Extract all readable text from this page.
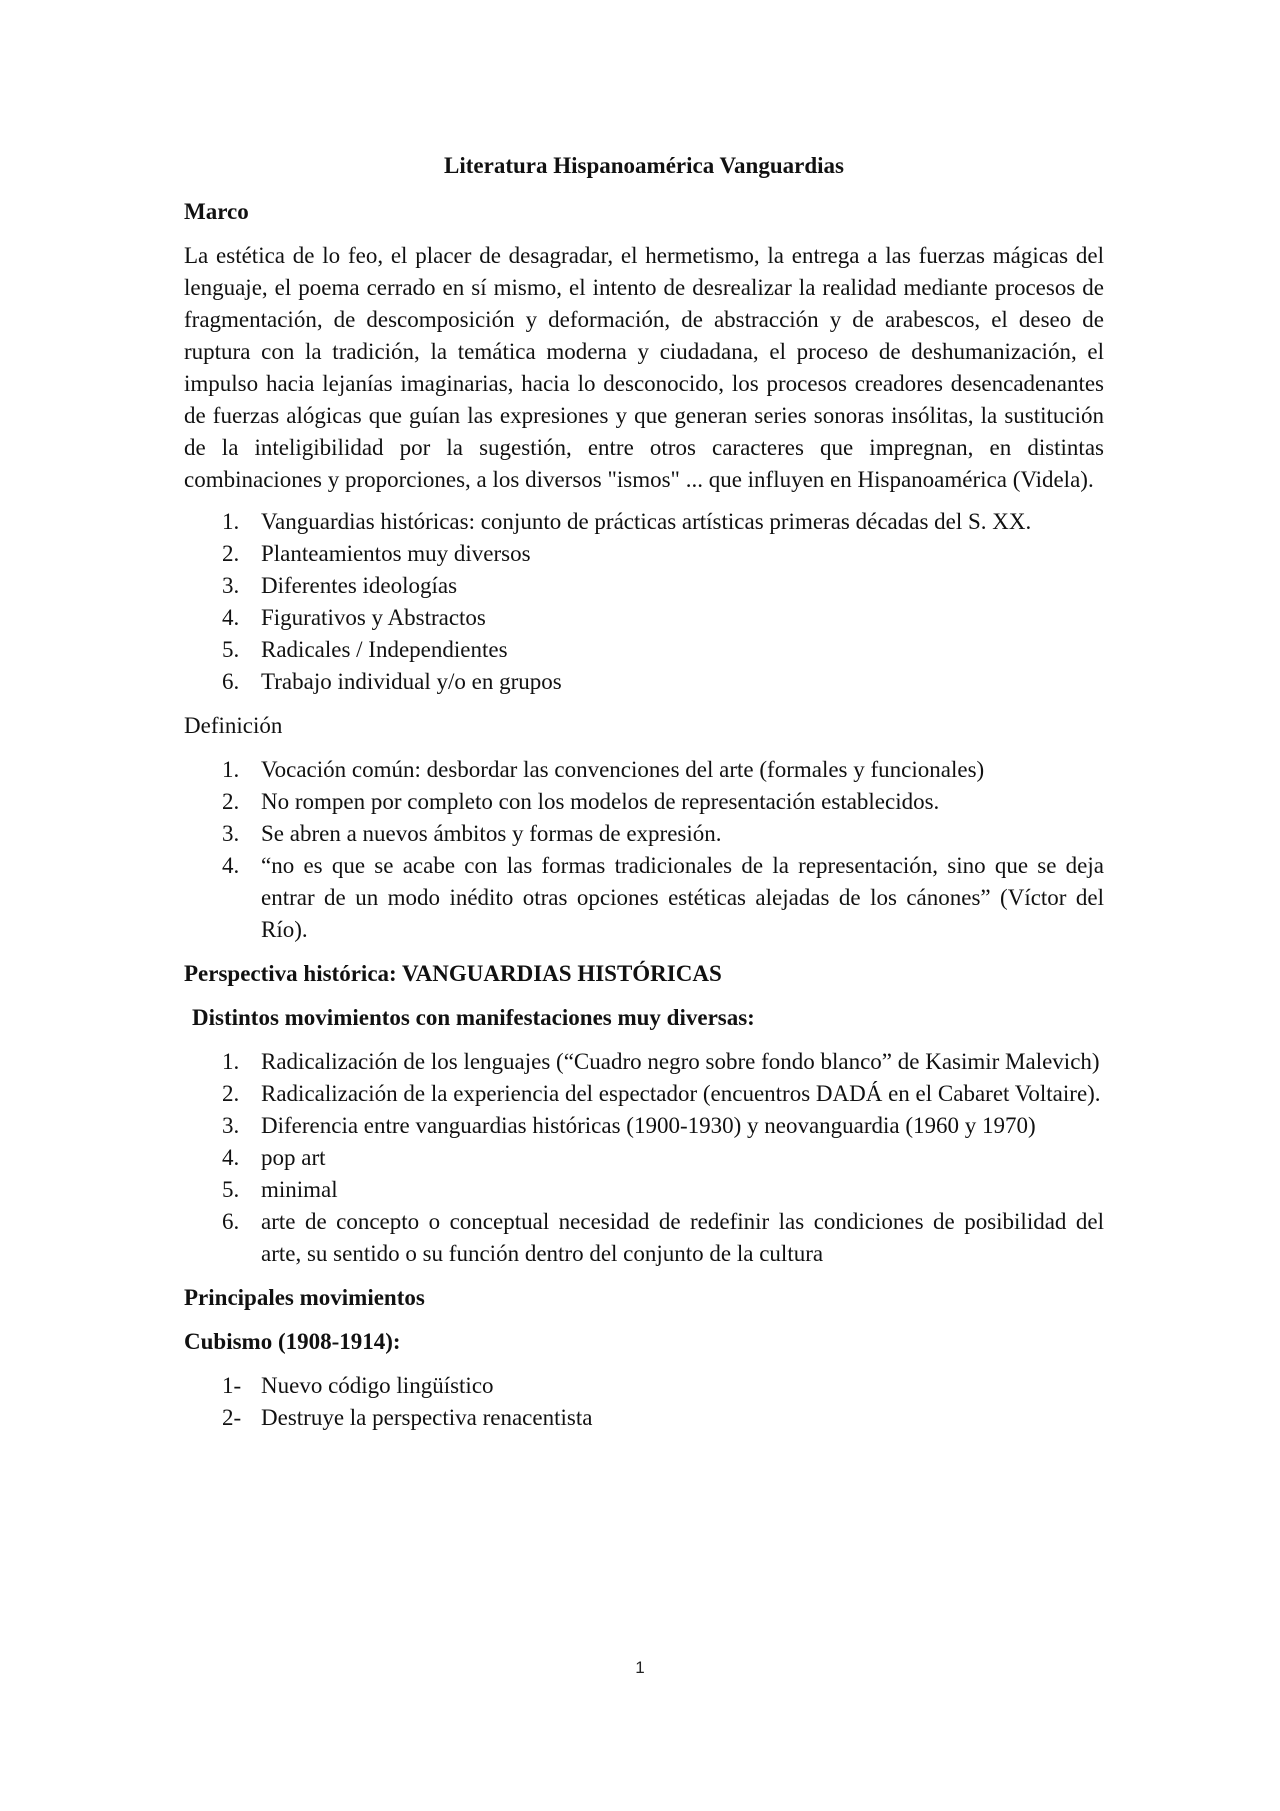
Literatura Hispanoamérica Vanguardias
Marco

La estética de lo feo, el placer de desagradar, el hermetismo, la entrega a las fuerzas mágicas del lenguaje, el poema cerrado en sí mismo, el intento de desrealizar la realidad mediante procesos de fragmentación, de descomposición y deformación, de abstracción y de arabescos, el deseo de ruptura con la tradición, la temática moderna y ciudadana, el proceso de deshumanización, el impulso hacia lejanías imaginarias, hacia lo desconocido, los procesos creadores desencadenantes de fuerzas alógicas que guían las expresiones y que generan series sonoras insólitas, la sustitución de la inteligibilidad por la sugestión, entre otros caracteres que impregnan, en distintas combinaciones y proporciones, a los diversos "ismos" ... que influyen en Hispanoamérica (Videla).

1. Vanguardias históricas: conjunto de prácticas artísticas primeras décadas del S. XX.
2. Planteamientos muy diversos
3. Diferentes ideologías
4. Figurativos y Abstractos
5. Radicales / Independientes
6. Trabajo individual y/o en grupos
Definición
1. Vocación común: desbordar las convenciones del arte (formales y funcionales)
2. No rompen por completo con los modelos de representación establecidos.
3. Se abren a nuevos ámbitos y formas de expresión.
4. “no es que se acabe con las formas tradicionales de la representación, sino que se deja entrar de un modo inédito otras opciones estéticas alejadas de los cánones” (Víctor del Río).
Perspectiva histórica: VANGUARDIAS HISTÓRICAS
Distintos movimientos con manifestaciones muy diversas:
1. Radicalización de los lenguajes (“Cuadro negro sobre fondo blanco” de Kasimir Malevich)
2. Radicalización de la experiencia del espectador (encuentros DADÁ en el Cabaret Voltaire).
3. Diferencia entre vanguardias históricas (1900-1930) y neovanguardia (1960 y 1970)
4. pop art
5. minimal
6. arte de concepto o conceptual necesidad de redefinir las condiciones de posibilidad del arte, su sentido o su función dentro del conjunto de la cultura
Principales movimientos
Cubismo (1908-1914):
1- Nuevo código lingüístico
2- Destruye la perspectiva renacentista
1
